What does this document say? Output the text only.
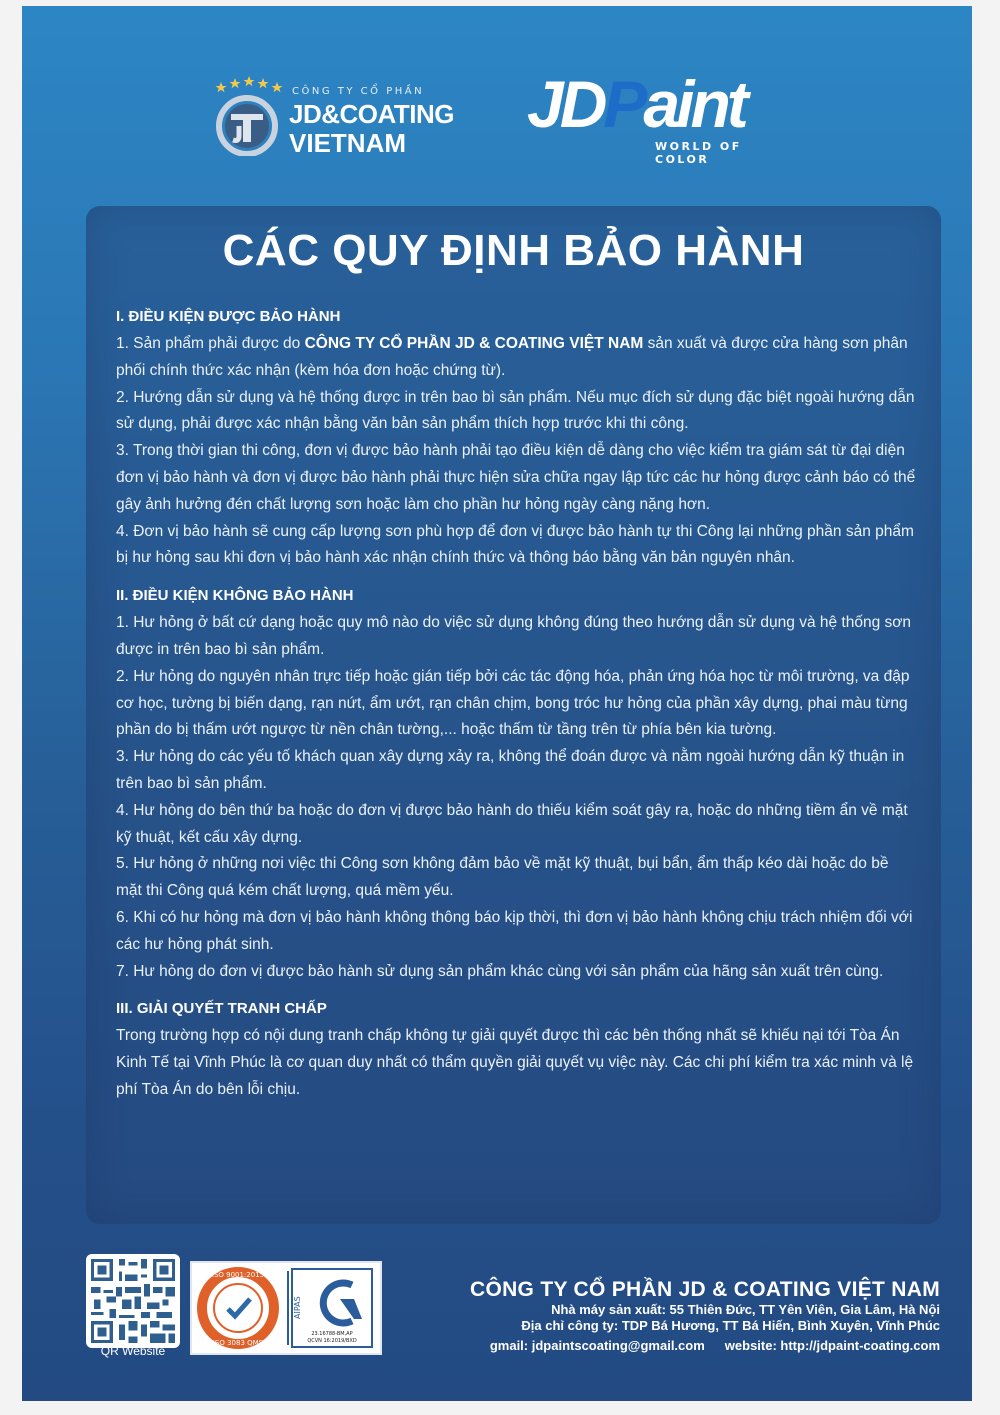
CÔNG TY CỔ PHẦN
JD&COATING
VIETNAM
JDPaint
WORLD OF COLOR
CÁC QUY ĐỊNH BẢO HÀNH
I. ĐIỀU KIỆN ĐƯỢC BẢO HÀNH
1. Sản phẩm phải được do CÔNG TY CỔ PHẦN JD & COATING VIỆT NAM sản xuất và được cửa hàng sơn phân phối chính thức xác nhận (kèm hóa đơn hoặc chứng từ).
2. Hướng dẫn sử dụng và hệ thống được in trên bao bì sản phẩm. Nếu mục đích sử dụng đặc biệt ngoài hướng dẫn sử dụng, phải được xác nhận bằng văn bản sản phẩm thích hợp trước khi thi công.
3. Trong thời gian thi công, đơn vị được bảo hành phải tạo điều kiện dễ dàng cho việc kiểm tra giám sát từ đại diện đơn vị bảo hành và đơn vị được bảo hành phải thực hiện sửa chữa ngay lập tức các hư hỏng được cảnh báo có thể gây ảnh hưởng đén chất lượng sơn hoặc làm cho phần hư hỏng ngày càng nặng hơn.
4. Đơn vị bảo hành sẽ cung cấp lượng sơn phù hợp để đơn vị được bảo hành tự thi Công lại những phần sản phẩm bị hư hỏng sau khi đơn vị bảo hành xác nhận chính thức và thông báo bằng văn bản nguyên nhân.
II. ĐIỀU KIỆN KHÔNG BẢO HÀNH
1. Hư hỏng ở bất cứ dạng hoặc quy mô nào do việc sử dụng không đúng theo hướng dẫn sử dụng và hệ thống sơn được in trên bao bì sản phẩm.
2. Hư hỏng do nguyên nhân trực tiếp hoặc gián tiếp bởi các tác động hóa, phản ứng hóa học từ môi trường, va đập cơ học, tường bị biến dạng, rạn nứt, ẩm ướt, rạn chân chịm, bong tróc hư hỏng của phần xây dựng, phai màu từng phần do bị thấm ướt ngược từ nền chân tường,... hoặc thấm từ tầng trên từ phía bên kia tường.
3. Hư hỏng do các yếu tố khách quan xây dựng xảy ra, không thể đoán được và nằm ngoài hướng dẫn kỹ thuận in trên bao bì sản phẩm.
4. Hư hỏng do bên thứ ba hoặc do đơn vị được bảo hành do thiếu kiểm soát gây ra, hoặc do những tiềm ẩn về mặt kỹ thuật, kết cấu xây dựng.
5. Hư hỏng ở những nơi việc thi Công sơn không đảm bảo về mặt kỹ thuật, bụi bẩn, ẩm thấp kéo dài hoặc do bề mặt thi Công quá kém chất lượng, quá mềm yếu.
6. Khi có hư hỏng mà đơn vị bảo hành không thông báo kịp thời, thì đơn vị bảo hành không chịu trách nhiệm đối với các hư hỏng phát sinh.
7. Hư hỏng do đơn vị được bảo hành sử dụng sản phẩm khác cùng với sản phẩm của hãng sản xuất trên cùng.
III. GIẢI QUYẾT TRANH CHẤP
Trong trường hợp có nội dung tranh chấp không tự giải quyết được thì các bên thống nhất sẽ khiếu nại tới Tòa Án Kinh Tế tại Vĩnh Phúc là cơ quan duy nhất có thẩm quyền giải quyết vụ việc này. Các chi phí kiểm tra xác minh và lệ phí Tòa Án do bên lỗi chịu.
QR Website
ISO 9001:2015
ISO 3083 QMS
AIPAS
23.16788-BM,AP
QCVN 16:2019/BXD
CÔNG TY CỔ PHẦN JD & COATING VIỆT NAM
Nhà máy sản xuất: 55 Thiên Đức, TT Yên Viên, Gia Lâm, Hà Nội
Địa chỉ công ty: TDP Bá Hương, TT Bá Hiến, Bình Xuyên, Vĩnh Phúc
gmail: jdpaintscoating@gmail.com website: http://jdpaint-coating.com
